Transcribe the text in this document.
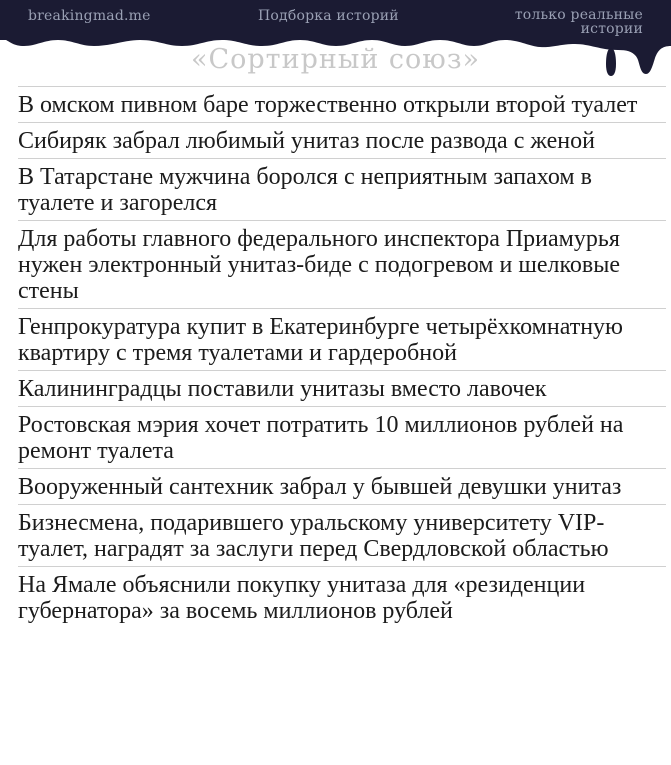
breakingmad.me	Подборка историй	только реальные истории
«Сортирный союз»
В омском пивном баре торжественно открыли второй туалет
Сибиряк забрал любимый унитаз после развода с женой
В Татарстане мужчина боролся с неприятным запахом в туалете и загорелся
Для работы главного федерального инспектора Приамурья нужен электронный унитаз-биде с подогревом и шелковые стены
Генпрокуратура купит в Екатеринбурге четырёхкомнатную квартиру с тремя туалетами и гардеробной
Калининградцы поставили унитазы вместо лавочек
Ростовская мэрия хочет потратить 10 миллионов рублей на ремонт туалета
Вооруженный сантехник забрал у бывшей девушки унитаз
Бизнесмена, подарившего уральскому университету VIP-туалет, наградят за заслуги перед Свердловской областью
На Ямале объяснили покупку унитаза для «резиденции губернатора» за восемь миллионов рублей
